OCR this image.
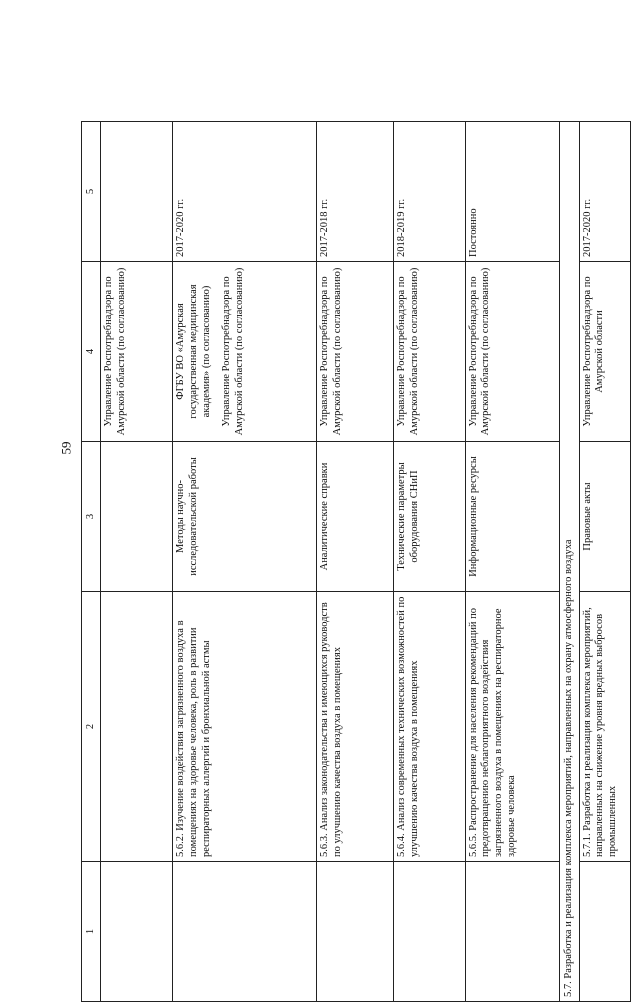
59
1	2	3	4	5
			Управление Роспотребнадзора по Амурской области (по согласованию)	
	5.6.2. Изучение воздействия загрязненного воздуха в помещениях на здоровье человека, роль в развитии респираторных аллергий и бронхиальной астмы	Методы научно-исследовательской работы	ФГБУ ВО «Амурская государственная медицинская академия» (по согласованию) Управление Роспотребнадзора по Амурской области (по согласованию)	2017-2020 гг.
	5.6.3. Анализ законодательства и имеющихся руководств по улучшению качества воздуха в помещениях	Аналитические справки	Управление Роспотребнадзора по Амурской области (по согласованию)	2017-2018 гг.
	5.6.4. Анализ современных технических возможностей по улучшению качества воздуха в помещениях	Технические параметры оборудования СНиП	Управление Роспотребнадзора по Амурской области (по согласованию)	2018-2019 гг.
	5.6.5. Распространение для населения рекомендаций по предотвращению неблагоприятного воздействия загрязненного воздуха в помещениях на респираторное здоровье человека	Информационные ресурсы	Управление Роспотребнадзора по Амурской области (по согласованию)	Постоянно
5.7. Разработка и реализация комплекса мероприятий, направленных на охрану атмосферного воздуха				
	5.7.1. Разработка и реализация комплекса мероприятий, направленных на снижение уровня вредных выбросов промышленных	Правовые акты	Управление Роспотребнадзора по Амурской области	2017-2020 гг.
